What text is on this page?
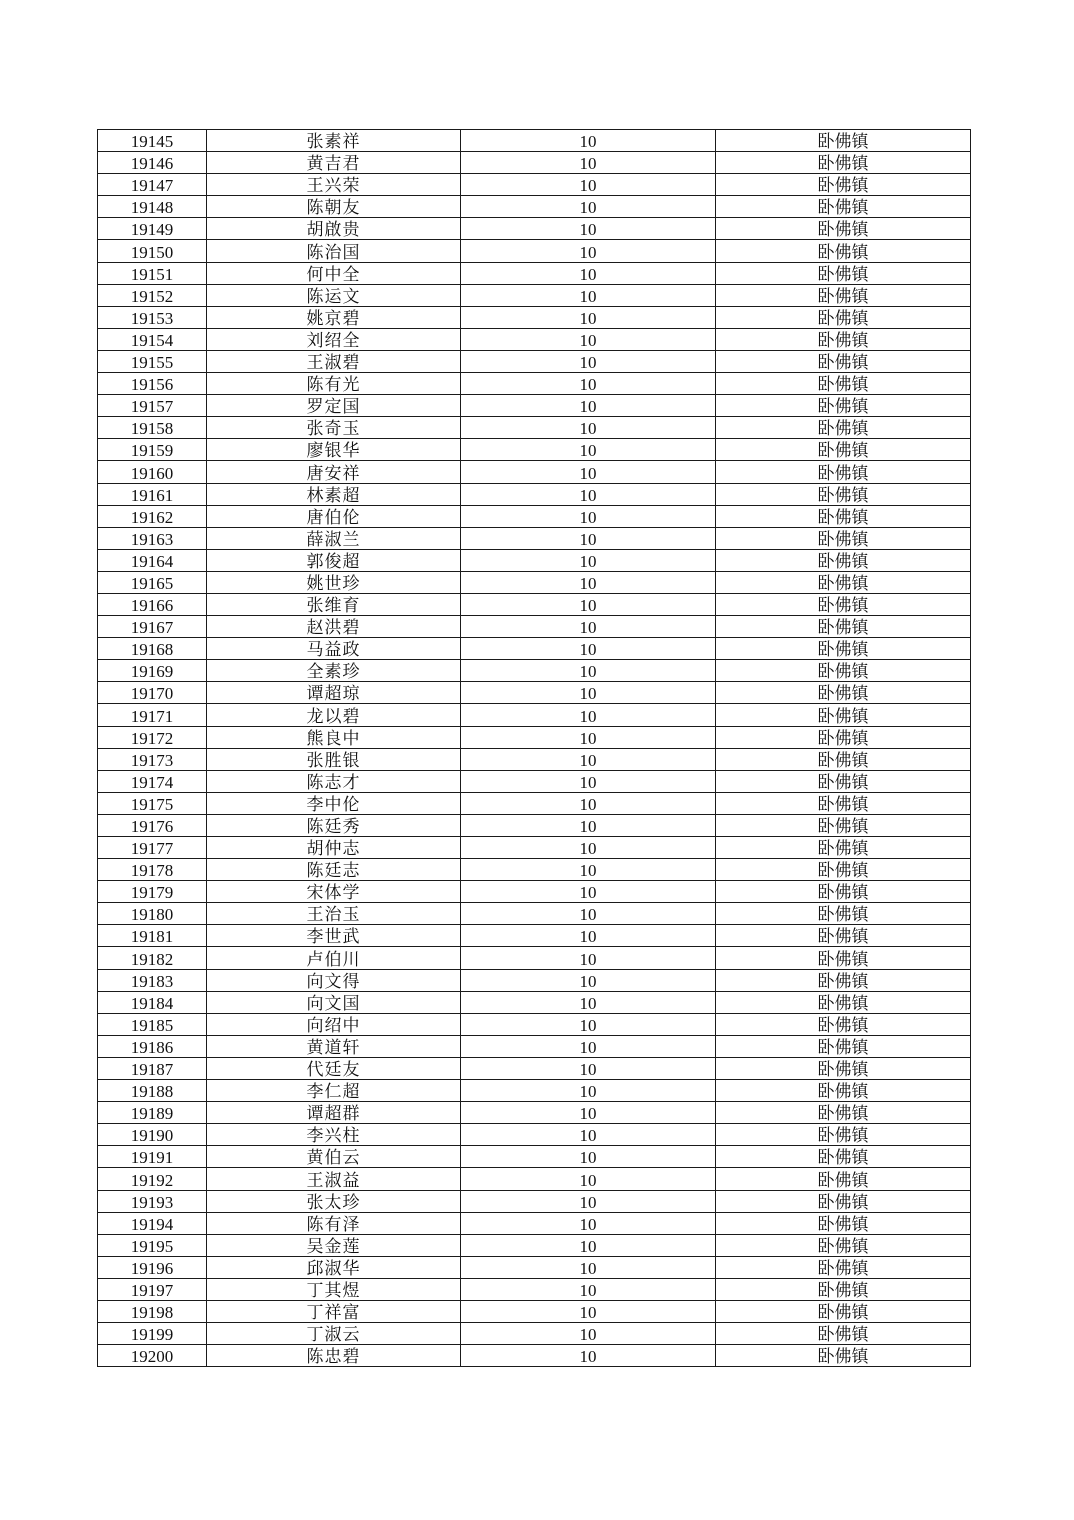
19145	张素祥	10	卧佛镇
19146	黄吉君	10	卧佛镇
19147	王兴荣	10	卧佛镇
19148	陈朝友	10	卧佛镇
19149	胡啟贵	10	卧佛镇
19150	陈治国	10	卧佛镇
19151	何中全	10	卧佛镇
19152	陈运文	10	卧佛镇
19153	姚京碧	10	卧佛镇
19154	刘绍全	10	卧佛镇
19155	王淑碧	10	卧佛镇
19156	陈有光	10	卧佛镇
19157	罗定国	10	卧佛镇
19158	张奇玉	10	卧佛镇
19159	廖银华	10	卧佛镇
19160	唐安祥	10	卧佛镇
19161	林素超	10	卧佛镇
19162	唐伯伦	10	卧佛镇
19163	薛淑兰	10	卧佛镇
19164	郭俊超	10	卧佛镇
19165	姚世珍	10	卧佛镇
19166	张维育	10	卧佛镇
19167	赵洪碧	10	卧佛镇
19168	马益政	10	卧佛镇
19169	全素珍	10	卧佛镇
19170	谭超琼	10	卧佛镇
19171	龙以碧	10	卧佛镇
19172	熊良中	10	卧佛镇
19173	张胜银	10	卧佛镇
19174	陈志才	10	卧佛镇
19175	李中伦	10	卧佛镇
19176	陈廷秀	10	卧佛镇
19177	胡仲志	10	卧佛镇
19178	陈廷志	10	卧佛镇
19179	宋体学	10	卧佛镇
19180	王治玉	10	卧佛镇
19181	李世武	10	卧佛镇
19182	卢伯川	10	卧佛镇
19183	向文得	10	卧佛镇
19184	向文国	10	卧佛镇
19185	向绍中	10	卧佛镇
19186	黄道轩	10	卧佛镇
19187	代廷友	10	卧佛镇
19188	李仁超	10	卧佛镇
19189	谭超群	10	卧佛镇
19190	李兴柱	10	卧佛镇
19191	黄伯云	10	卧佛镇
19192	王淑益	10	卧佛镇
19193	张太珍	10	卧佛镇
19194	陈有泽	10	卧佛镇
19195	吴金莲	10	卧佛镇
19196	邱淑华	10	卧佛镇
19197	丁其煜	10	卧佛镇
19198	丁祥富	10	卧佛镇
19199	丁淑云	10	卧佛镇
19200	陈忠碧	10	卧佛镇
